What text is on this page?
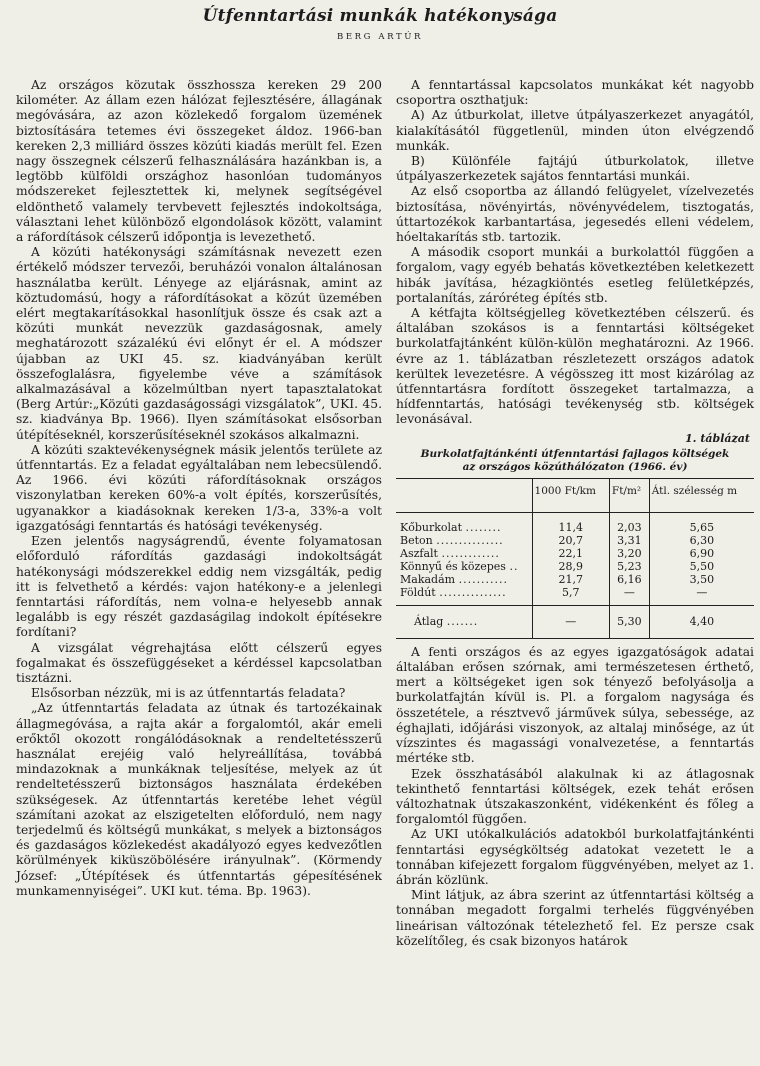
Útfenntartási munkák hatékonysága
BERG ARTÚR

Az országos közutak összhossza kereken 29 200 kilométer. Az állam ezen hálózat fejlesztésére, állagának megóvására, az azon közlekedő forgalom üzemének biztosítására tetemes évi összegeket áldoz. 1966-ban kereken 2,3 milliárd összes közúti kiadás merült fel. Ezen nagy összegnek célszerű felhasználására hazánkban is, a legtöbb külföldi országhoz hasonlóan tudományos módszereket fejlesztettek ki, melynek segítségével eldönthető valamely tervbevett fejlesztés indokoltsága, választani lehet különböző elgondolások között, valamint a ráfordítások célszerű időpontja is levezethető.

A közúti hatékonysági számításnak nevezett ezen értékelő módszer tervezői, beruházói vonalon általánosan használatba került. Lényege az eljárásnak, amint az köztudomású, hogy a ráfordításokat a közút üzemében elért megtakarításokkal hasonlítjuk össze és csak azt a közúti munkát nevezzük gazdaságosnak, amely meghatározott százalékú évi előnyt ér el. A módszer újabban az UKI 45. sz. kiadványában került összefoglalásra, figyelembe véve a számítások alkalmazásával a közelmúltban nyert tapasztalatokat (Berg Artúr:„Közúti gazdaságossági vizsgálatok”, UKI. 45. sz. kiadványa Bp. 1966). Ilyen számításokat elsősorban útépítéseknél, korszerűsítéseknél szokásos alkalmazni.

A közúti szaktevékenységnek másik jelentős területe az útfenntartás. Ez a feladat egyáltalában nem lebecsülendő. Az 1966. évi közúti ráfordításoknak országos viszonylatban kereken 60%-a volt építés, korszerűsítés, ugyanakkor a kiadásoknak kereken 1/3-a, 33%-a volt igazgatósági fenntartás és hatósági tevékenység.

Ezen jelentős nagyságrendű, évente folyamatosan előforduló ráfordítás gazdasági indokoltságát hatékonysági módszerekkel eddig nem vizsgálták, pedig itt is felvethető a kérdés: vajon hatékony-e a jelenlegi fenntartási ráfordítás, nem volna-e helyesebb annak legalább is egy részét gazdaságilag indokolt építésekre fordítani?

A vizsgálat végrehajtása előtt célszerű egyes fogalmakat és összefüggéseket a kérdéssel kapcsolatban tisztázni.

Elsősorban nézzük, mi is az útfenntartás feladata?

„Az útfenntartás feladata az útnak és tartozékainak állagmegóvása, a rajta akár a forgalomtól, akár emeli erőktől okozott rongálódásoknak a rendeltetésszerű használat erejéig való helyreállítása, továbbá mindazoknak a munkáknak teljesítése, melyek az út rendeltetésszerű biztonságos használata érdekében szükségesek. Az útfenntartás keretébe lehet végül számítani azokat az elszigetelten előforduló, nem nagy terjedelmű és költségű munkákat, s melyek a biztonságos és gazdaságos közlekedést akadályozó egyes kedvezőtlen körülmények kiküszöbölésére irányulnak”. (Körmendy József: „Útépítések és útfenntartás gépesítésének munkamennyiségei”. UKI kut. téma. Bp. 1963).

A fenntartással kapcsolatos munkákat két nagyobb csoportra oszthatjuk:

A) Az útburkolat, illetve útpályaszerkezet anyagától, kialakításától függetlenül, minden úton elvégzendő munkák.

B) Különféle fajtájú útburkolatok, illetve útpályaszerkezetek sajátos fenntartási munkái.

Az első csoportba az állandó felügyelet, vízelvezetés biztosítása, növényirtás, növényvédelem, tisztogatás, úttartozékok karbantartása, jegesedés elleni védelem, hóeltakarítás stb. tartozik.

A második csoport munkái a burkolattól függően a forgalom, vagy egyéb behatás következtében keletkezett hibák javítása, hézagkiöntés esetleg felületképzés, portalanítás, záróréteg építés stb.

A kétfajta költségjelleg következtében célszerű. és általában szokásos is a fenntartási költségeket burkolatfajtánként külön-külön meghatározni. Az 1966. évre az 1. táblázatban részletezett országos adatok kerültek levezetésre. A végösszeg itt most kizárólag az útfenntartásra fordított összegeket tartalmazza, a hídfenntartás, hatósági tevékenység stb. költségek levonásával.

1. táblázat
Burkolatfajtánkénti útfenntartási fajlagos költségek
az országos közúthálózaton (1966. év)
	1000 Ft/km	Ft/m²	Átl. szélesség m
Kőburkolat ........	11,4	2,03	5,65
Beton ...............	20,7	3,31	6,30
Aszfalt .............	22,1	3,20	6,90
Könnyű és közepes ..	28,9	5,23	5,50
Makadám ...........	21,7	6,16	3,50
Földút ...............	5,7	—	—
Átlag .......	—	5,30	4,40

A fenti országos és az egyes igazgatóságok adatai általában erősen szórnak, ami természetesen érthető, mert a költségeket igen sok tényező befolyásolja a burkolatfajtán kívül is. Pl. a forgalom nagysága és összetétele, a résztvevő járművek súlya, sebessége, az éghajlati, időjárási viszonyok, az altalaj minősége, az út vízszintes és magassági vonalvezetése, a fenntartás mértéke stb.

Ezek összhatásából alakulnak ki az átlagosnak tekinthető fenntartási költségek, ezek tehát erősen változhatnak útszakaszonként, vidékenként és főleg a forgalomtól függően.

Az UKI utókalkulációs adatokból burkolatfajtánkénti fenntartási egységköltség adatokat vezetett le a tonnában kifejezett forgalom függvényében, melyet az 1. ábrán közlünk.

Mint látjuk, az ábra szerint az útfenntartási költség a tonnában megadott forgalmi terhelés függvényében lineárisan változónak tételezhető fel. Ez persze csak közelítőleg, és csak bizonyos határok
